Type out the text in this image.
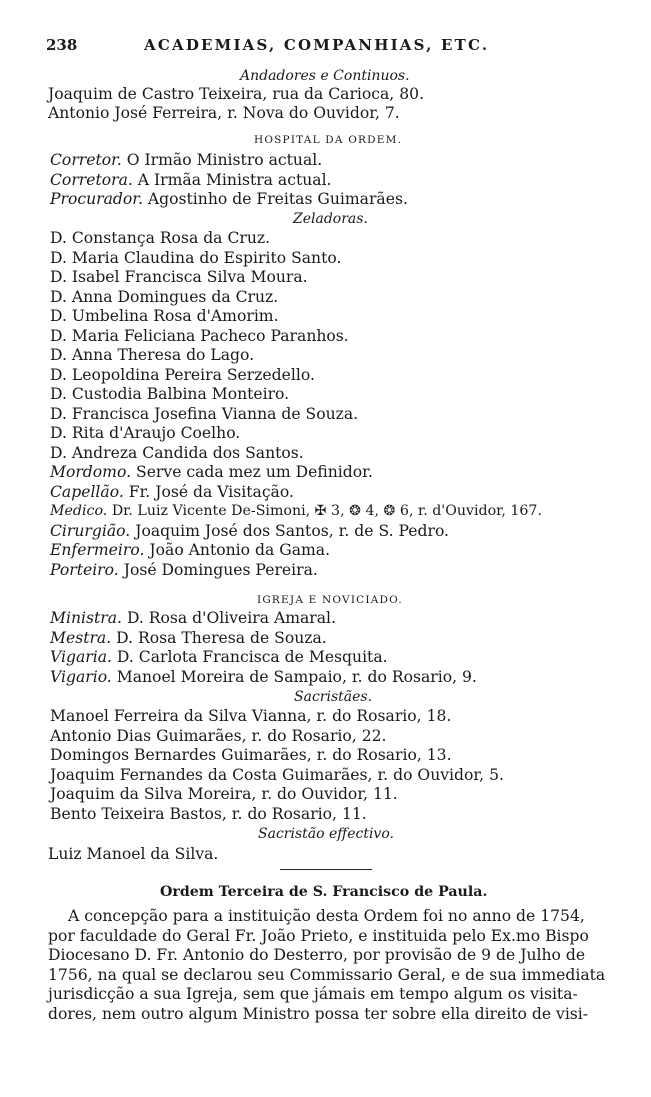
238	ACADEMIAS, COMPANHIAS, ETC.
Andadores e Continuos.
Joaquim de Castro Teixeira, rua da Carioca, 80.
Antonio José Ferreira, r. Nova do Ouvidor, 7.
HOSPITAL DA ORDEM.
Corretor. O Irmão Ministro actual.
Corretora. A Irmãa Ministra actual.
Procurador. Agostinho de Freitas Guimarães.
Zeladoras.
D. Constança Rosa da Cruz.
D. Maria Claudina do Espirito Santo.
D. Isabel Francisca Silva Moura.
D. Anna Domingues da Cruz.
D. Umbelina Rosa d'Amorim.
D. Maria Feliciana Pacheco Paranhos.
D. Anna Theresa do Lago.
D. Leopoldina Pereira Serzedello.
D. Custodia Balbina Monteiro.
D. Francisca Josefina Vianna de Souza.
D. Rita d'Araujo Coelho.
D. Andreza Candida dos Santos.
Mordomo. Serve cada mez um Definidor.
Capellão. Fr. José da Visitação.
Medico. Dr. Luiz Vicente De-Simoni, ✠ 3, ❂ 4, ❂ 6, r. d'Ouvidor, 167.
Cirurgião. Joaquim José dos Santos, r. de S. Pedro.
Enfermeiro. João Antonio da Gama.
Porteiro. José Domingues Pereira.
IGREJA E NOVICIADO.
Ministra. D. Rosa d'Oliveira Amaral.
Mestra. D. Rosa Theresa de Souza.
Vigaria. D. Carlota Francisca de Mesquita.
Vigario. Manoel Moreira de Sampaio, r. do Rosario, 9.
Sacristães.
Manoel Ferreira da Silva Vianna, r. do Rosario, 18.
Antonio Dias Guimarães, r. do Rosario, 22.
Domingos Bernardes Guimarães, r. do Rosario, 13.
Joaquim Fernandes da Costa Guimarães, r. do Ouvidor, 5.
Joaquim da Silva Moreira, r. do Ouvidor, 11.
Bento Teixeira Bastos, r. do Rosario, 11.
Sacristão effectivo.
Luiz Manoel da Silva.
Ordem Terceira de S. Francisco de Paula.
A concepção para a instituição desta Ordem foi no anno de 1754,
por faculdade do Geral Fr. João Prieto, e instituida pelo Ex.mo Bispo
Diocesano D. Fr. Antonio do Desterro, por provisão de 9 de Julho de
1756, na qual se declarou seu Commissario Geral, e de sua immediata
jurisdicção a sua Igreja, sem que jámais em tempo algum os visita-
dores, nem outro algum Ministro possa ter sobre ella direito de visi-
